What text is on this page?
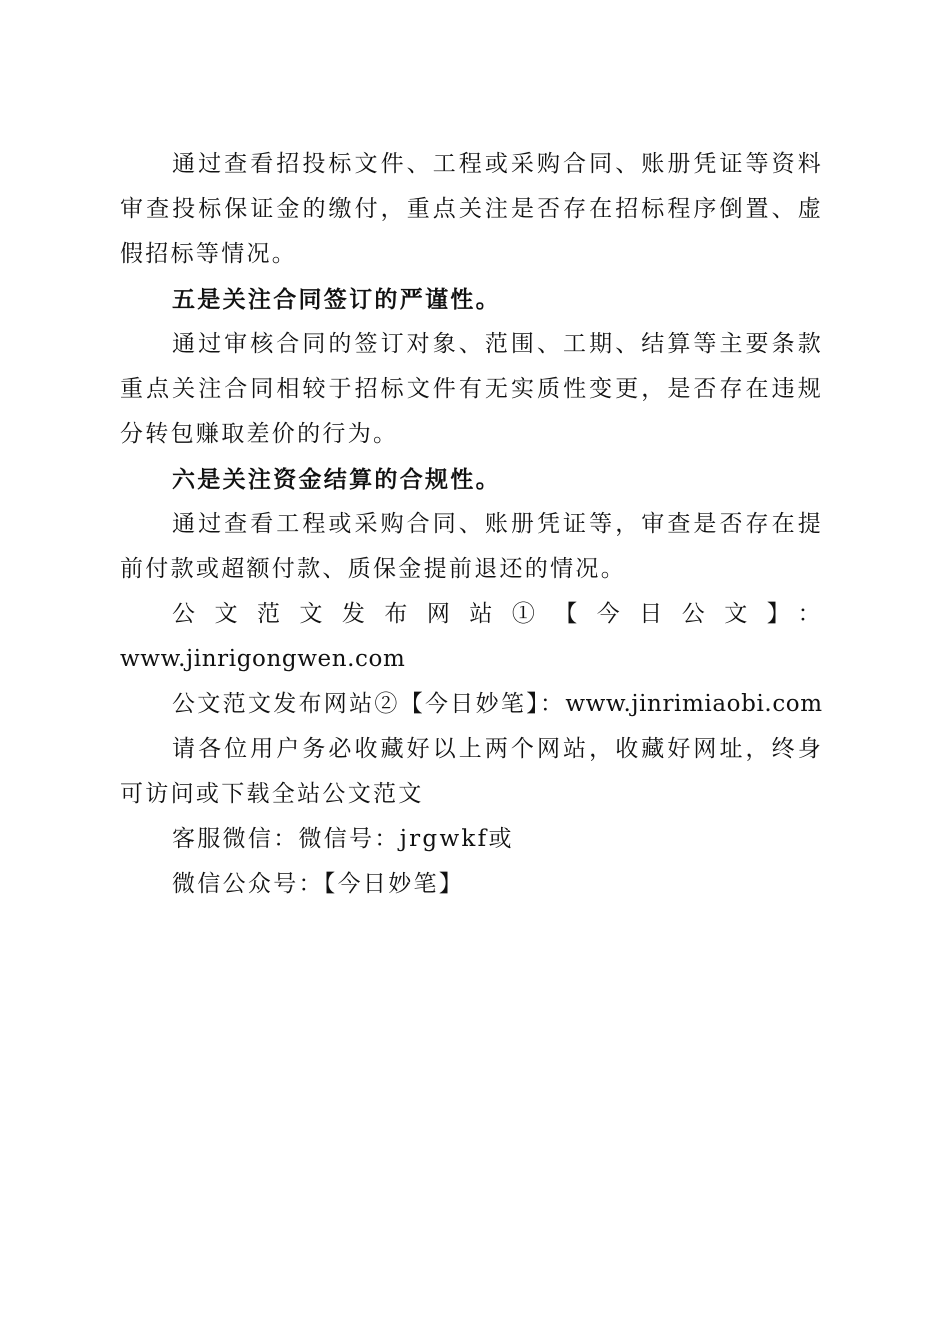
通过查看招投标文件、工程或采购合同、账册凭证等资料审查投标保证金的缴付，重点关注是否存在招标程序倒置、虚假招标等情况。

五是关注合同签订的严谨性。

通过审核合同的签订对象、范围、工期、结算等主要条款重点关注合同相较于招标文件有无实质性变更，是否存在违规分转包赚取差价的行为。

六是关注资金结算的合规性。

通过查看工程或采购合同、账册凭证等，审查是否存在提前付款或超额付款、质保金提前退还的情况。

公文范文发布网站①【今日公文】：
www.jinrigongwen.com
公文范文发布网站②【今日妙笔】：www.jinrimiaobi.com

请各位用户务必收藏好以上两个网站，收藏好网址，终身可访问或下载全站公文范文

客服微信：微信号：jrgwkf或
微信公众号：【今日妙笔】
